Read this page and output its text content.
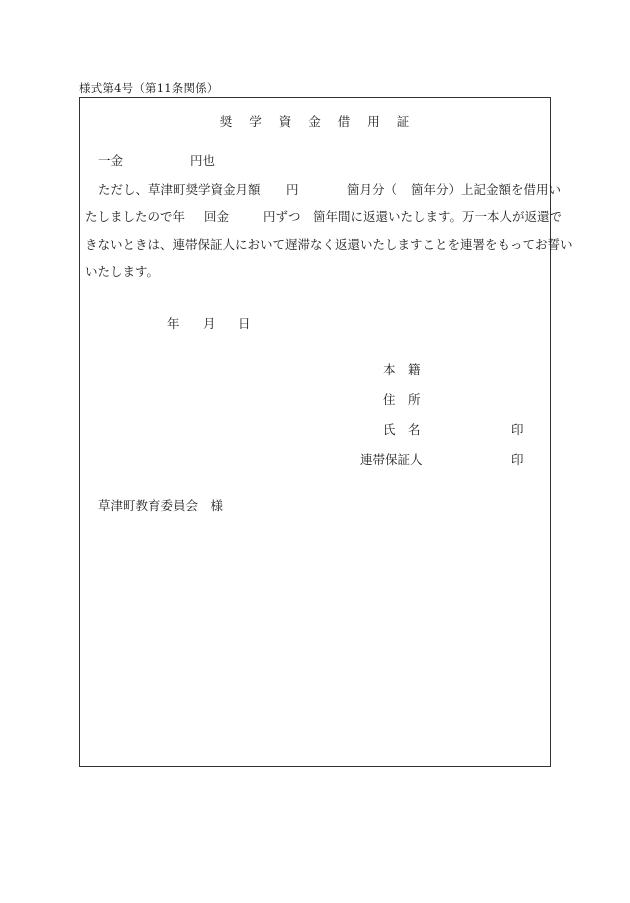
様式第4号（第11条関係）
奨 学 資 金 借 用 証
一金	円也
ただし、草津町奨学資金月額 円	箇月分（ 箇年分）上記金額を借用い
たしましたので年 回金	円ずつ　箇年間に返還いたします。万一本人が返還で
きないときは、連帯保証人において遅滞なく返還いたしますことを連署をもってお誓い
いたします。
年 月 日
本　籍
住　所
氏　名	印
連帯保証人	印
草津町教育委員会　様
